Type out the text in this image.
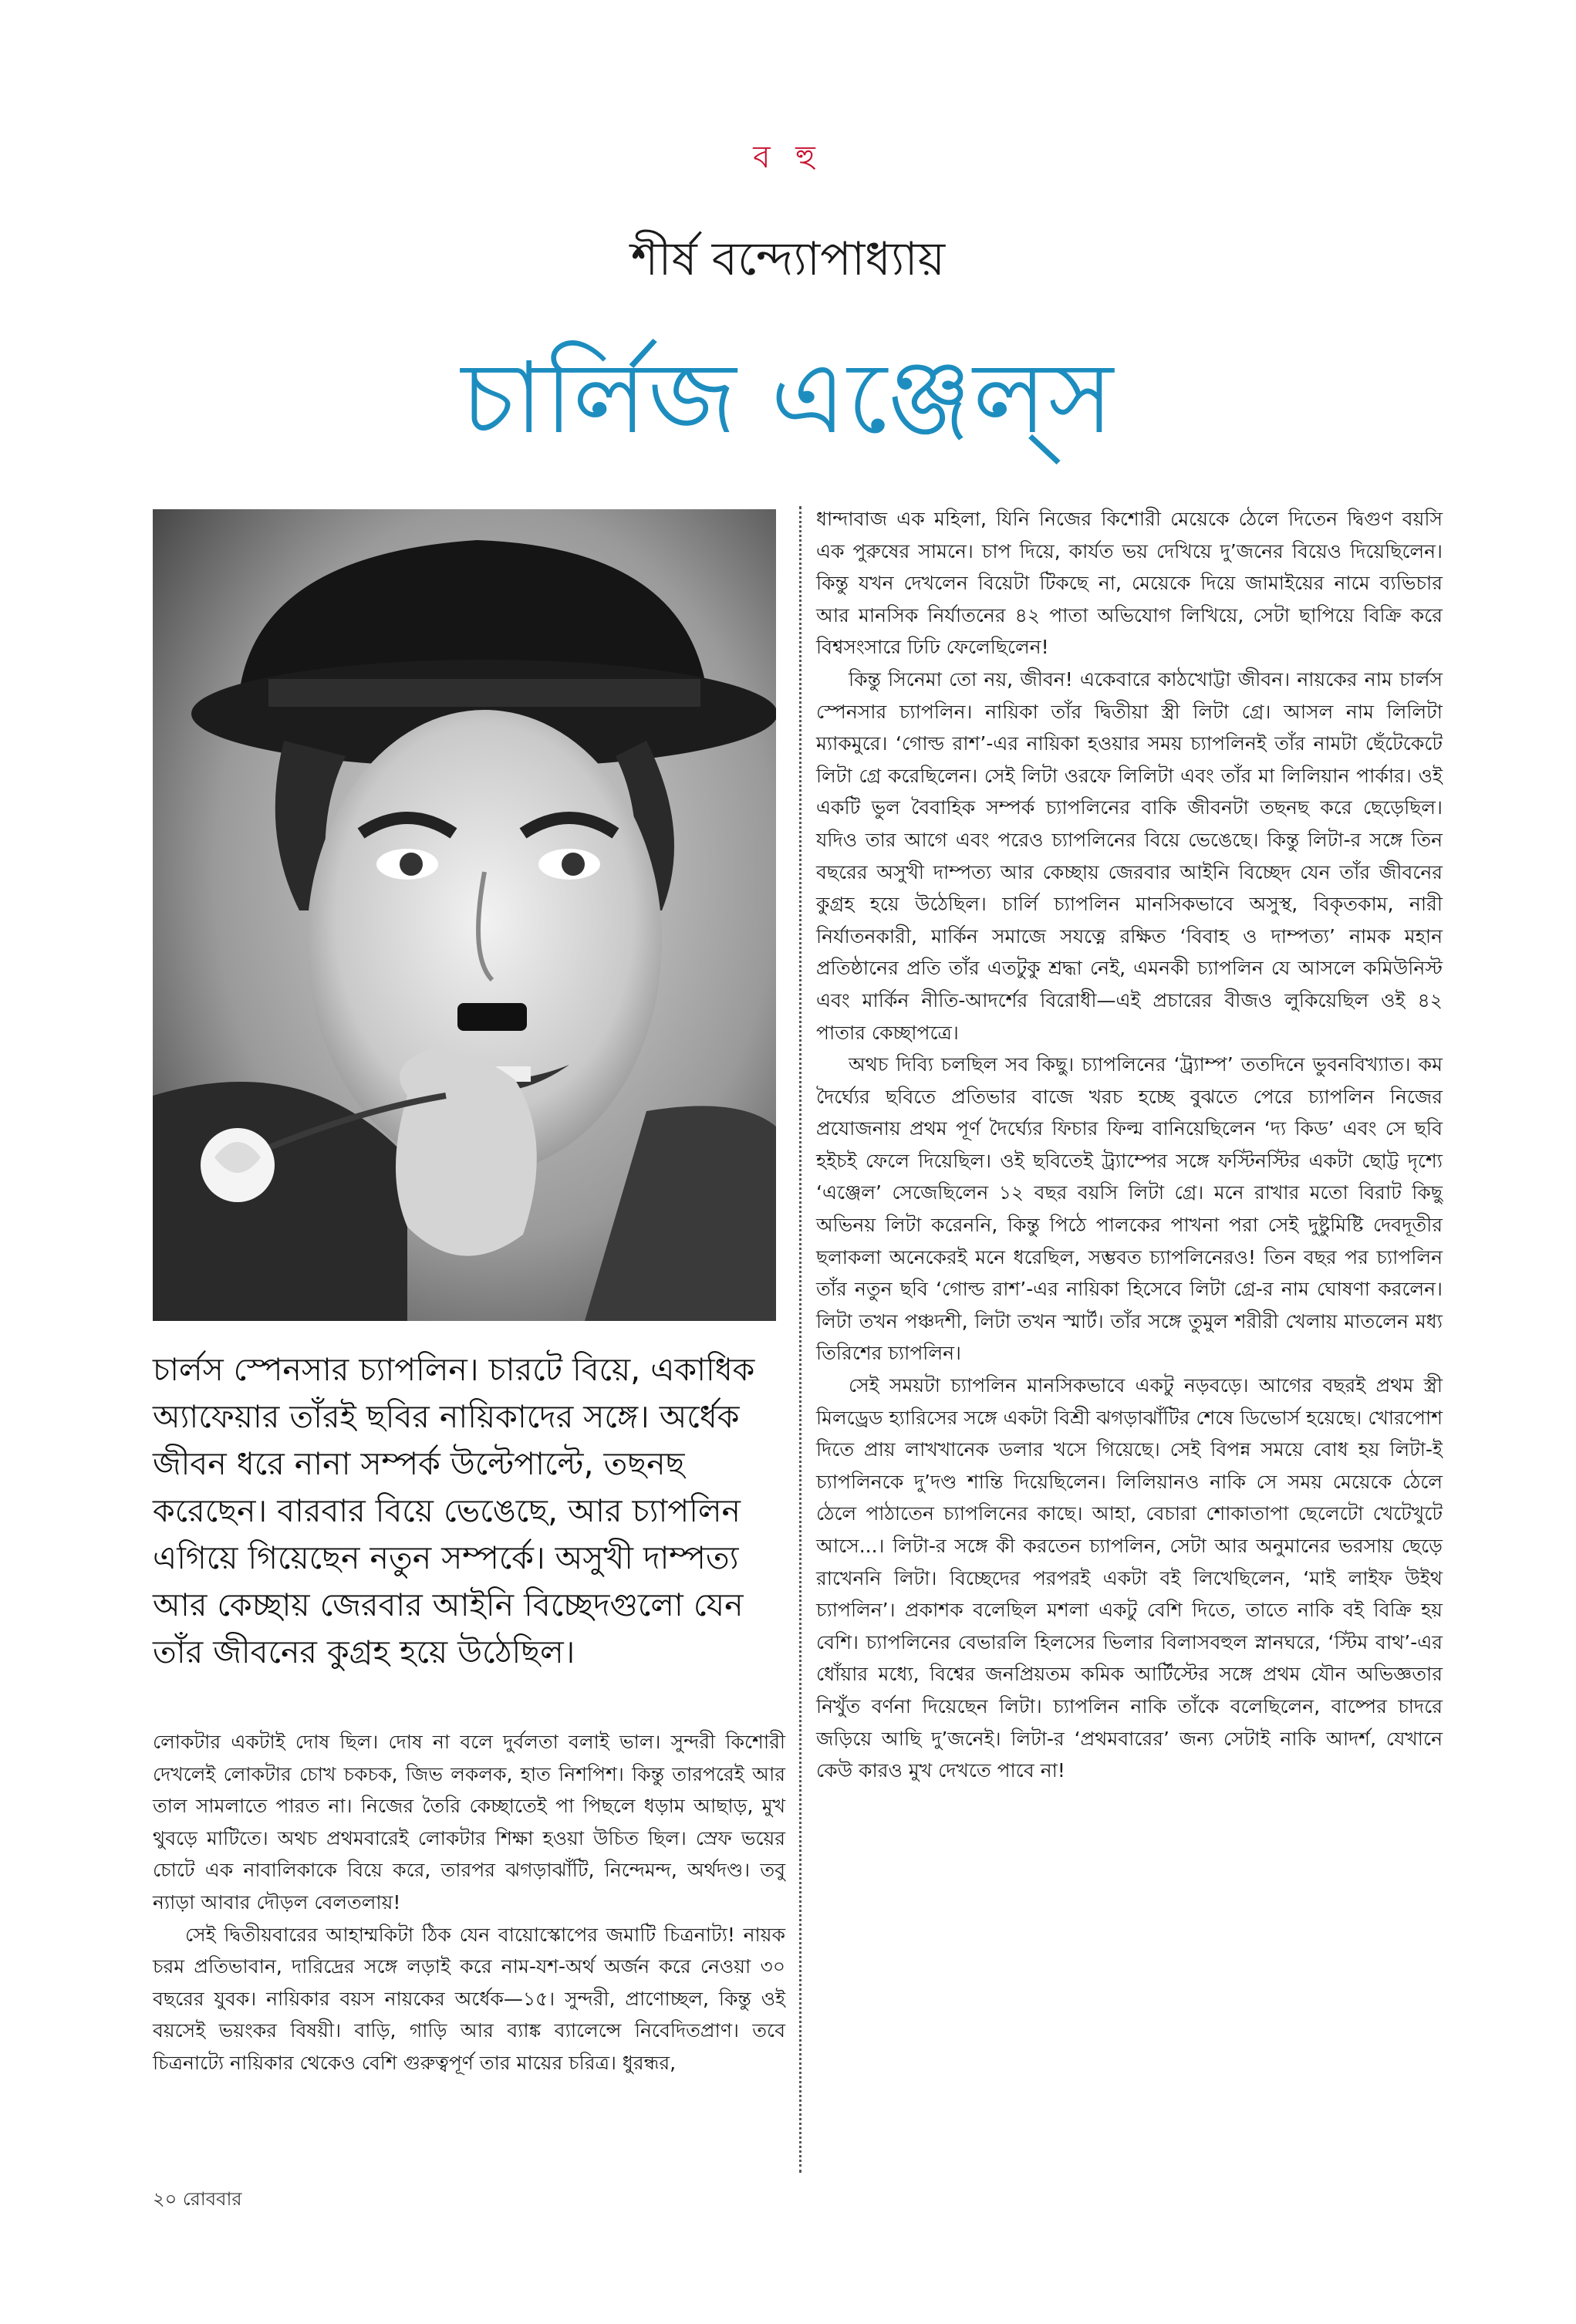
ব হু
শীর্ষ বন্দ্যোপাধ্যায়
চার্লিজ এঞ্জেল্‌স

চার্লস স্পেনসার চ্যাপলিন। চারটে বিয়ে, একাধিক অ্যাফেয়ার তাঁরই ছবির নায়িকাদের সঙ্গে। অর্ধেক জীবন ধরে নানা সম্পর্ক উল্টেপাল্টে, তছনছ করেছেন। বারবার বিয়ে ভেঙেছে, আর চ্যাপলিন এগিয়ে গিয়েছেন নতুন সম্পর্কে। অসুখী দাম্পত্য আর কেচ্ছায় জেরবার আইনি বিচ্ছেদগুলো যেন তাঁর জীবনের কুগ্রহ হয়ে উঠেছিল।

লোকটার একটাই দোষ ছিল। দোষ না বলে দুর্বলতা বলাই ভাল। সুন্দরী কিশোরী দেখলেই লোকটার চোখ চকচক, জিভ লকলক, হাত নিশপিশ। কিন্তু তারপরেই আর তাল সামলাতে পারত না। নিজের তৈরি কেচ্ছাতেই পা পিছলে ধড়াম আছাড়, মুখ থুবড়ে মাটিতে। অথচ প্রথমবারেই লোকটার শিক্ষা হওয়া উচিত ছিল। স্রেফ ভয়ের চোটে এক নাবালিকাকে বিয়ে করে, তারপর ঝগড়াঝাঁটি, নিন্দেমন্দ, অর্থদণ্ড। তবু ন্যাড়া আবার দৌড়ল বেলতলায়!

সেই দ্বিতীয়বারের আহাম্মকিটা ঠিক যেন বায়োস্কোপের জমাটি চিত্রনাট্য! নায়ক চরম প্রতিভাবান, দারিদ্রের সঙ্গে লড়াই করে নাম-যশ-অর্থ অর্জন করে নেওয়া ৩০ বছরের যুবক। নায়িকার বয়স নায়কের অর্ধেক—১৫। সুন্দরী, প্রাণোচ্ছল, কিন্তু ওই বয়সেই ভয়ংকর বিষয়ী। বাড়ি, গাড়ি আর ব্যাঙ্ক ব্যালেন্সে নিবেদিতপ্রাণ। তবে চিত্রনাট্যে নায়িকার থেকেও বেশি গুরুত্বপূর্ণ তার মায়ের চরিত্র। ধুরন্ধর,

ধান্দাবাজ এক মহিলা, যিনি নিজের কিশোরী মেয়েকে ঠেলে দিতেন দ্বিগুণ বয়সি এক পুরুষের সামনে। চাপ দিয়ে, কার্যত ভয় দেখিয়ে দু’জনের বিয়েও দিয়েছিলেন। কিন্তু যখন দেখলেন বিয়েটা টিকছে না, মেয়েকে দিয়ে জামাইয়ের নামে ব্যভিচার আর মানসিক নির্যাতনের ৪২ পাতা অভিযোগ লিখিয়ে, সেটা ছাপিয়ে বিক্রি করে বিশ্বসংসারে ঢিঢি ফেলেছিলেন!

কিন্তু সিনেমা তো নয়, জীবন! একেবারে কাঠখোট্টা জীবন। নায়কের নাম চার্লস স্পেনসার চ্যাপলিন। নায়িকা তাঁর দ্বিতীয়া স্ত্রী লিটা গ্রে। আসল নাম লিলিটা ম্যাকমুরে। ‘গোল্ড রাশ’-এর নায়িকা হওয়ার সময় চ্যাপলিনই তাঁর নামটা ছেঁটেকেটে লিটা গ্রে করেছিলেন। সেই লিটা ওরফে লিলিটা এবং তাঁর মা লিলিয়ান পার্কার। ওই একটি ভুল বৈবাহিক সম্পর্ক চ্যাপলিনের বাকি জীবনটা তছনছ করে ছেড়েছিল। যদিও তার আগে এবং পরেও চ্যাপলিনের বিয়ে ভেঙেছে। কিন্তু লিটা-র সঙ্গে তিন বছরের অসুখী দাম্পত্য আর কেচ্ছায় জেরবার আইনি বিচ্ছেদ যেন তাঁর জীবনের কুগ্রহ হয়ে উঠেছিল। চার্লি চ্যাপলিন মানসিকভাবে অসুস্থ, বিকৃতকাম, নারী নির্যাতনকারী, মার্কিন সমাজে সযত্নে রক্ষিত ‘বিবাহ ও দাম্পত্য’ নামক মহান প্রতিষ্ঠানের প্রতি তাঁর এতটুকু শ্রদ্ধা নেই, এমনকী চ্যাপলিন যে আসলে কমিউনিস্ট এবং মার্কিন নীতি-আদর্শের বিরোধী—এই প্রচারের বীজও লুকিয়েছিল ওই ৪২ পাতার কেচ্ছাপত্রে।

অথচ দিব্যি চলছিল সব কিছু। চ্যাপলিনের ‘ট্র্যাম্প’ ততদিনে ভুবনবিখ্যাত। কম দৈর্ঘ্যের ছবিতে প্রতিভার বাজে খরচ হচ্ছে বুঝতে পেরে চ্যাপলিন নিজের প্রযোজনায় প্রথম পূর্ণ দৈর্ঘ্যের ফিচার ফিল্ম বানিয়েছিলেন ‘দ্য কিড’ এবং সে ছবি হইচই ফেলে দিয়েছিল। ওই ছবিতেই ট্র্যাম্পের সঙ্গে ফস্টিনস্টির একটা ছোট্ট দৃশ্যে ‘এঞ্জেল’ সেজেছিলেন ১২ বছর বয়সি লিটা গ্রে। মনে রাখার মতো বিরাট কিছু অভিনয় লিটা করেননি, কিন্তু পিঠে পালকের পাখনা পরা সেই দুষ্টুমিষ্টি দেবদূতীর ছলাকলা অনেকেরই মনে ধরেছিল, সম্ভবত চ্যাপলিনেরও! তিন বছর পর চ্যাপলিন তাঁর নতুন ছবি ‘গোল্ড রাশ’-এর নায়িকা হিসেবে লিটা গ্রে-র নাম ঘোষণা করলেন। লিটা তখন পঞ্চদশী, লিটা তখন স্মার্ট। তাঁর সঙ্গে তুমুল শরীরী খেলায় মাতলেন মধ্য তিরিশের চ্যাপলিন।

সেই সময়টা চ্যাপলিন মানসিকভাবে একটু নড়বড়ে। আগের বছরই প্রথম স্ত্রী মিলড্রেড হ্যারিসের সঙ্গে একটা বিশ্রী ঝগড়াঝাঁটির শেষে ডিভোর্স হয়েছে। খোরপোশ দিতে প্রায় লাখখানেক ডলার খসে গিয়েছে। সেই বিপন্ন সময়ে বোধ হয় লিটা-ই চ্যাপলিনকে দু’দণ্ড শান্তি দিয়েছিলেন। লিলিয়ানও নাকি সে সময় মেয়েকে ঠেলে ঠেলে পাঠাতেন চ্যাপলিনের কাছে। আহা, বেচারা শোকাতাপা ছেলেটো খেটেখুটে আসে...। লিটা-র সঙ্গে কী করতেন চ্যাপলিন, সেটা আর অনুমানের ভরসায় ছেড়ে রাখেননি লিটা। বিচ্ছেদের পরপরই একটা বই লিখেছিলেন, ‘মাই লাইফ উইথ চ্যাপলিন’। প্রকাশক বলেছিল মশলা একটু বেশি দিতে, তাতে নাকি বই বিক্রি হয় বেশি। চ্যাপলিনের বেভারলি হিলসের ভিলার বিলাসবহুল স্নানঘরে, ‘স্টিম বাথ’-এর ধোঁয়ার মধ্যে, বিশ্বের জনপ্রিয়তম কমিক আর্টিস্টের সঙ্গে প্রথম যৌন অভিজ্ঞতার নিখুঁত বর্ণনা দিয়েছেন লিটা। চ্যাপলিন নাকি তাঁকে বলেছিলেন, বাষ্পের চাদরে জড়িয়ে আছি দু’জনেই। লিটা-র ‘প্রথমবারের’ জন্য সেটাই নাকি আদর্শ, যেখানে কেউ কারও মুখ দেখতে পাবে না!

২০ রোববার
